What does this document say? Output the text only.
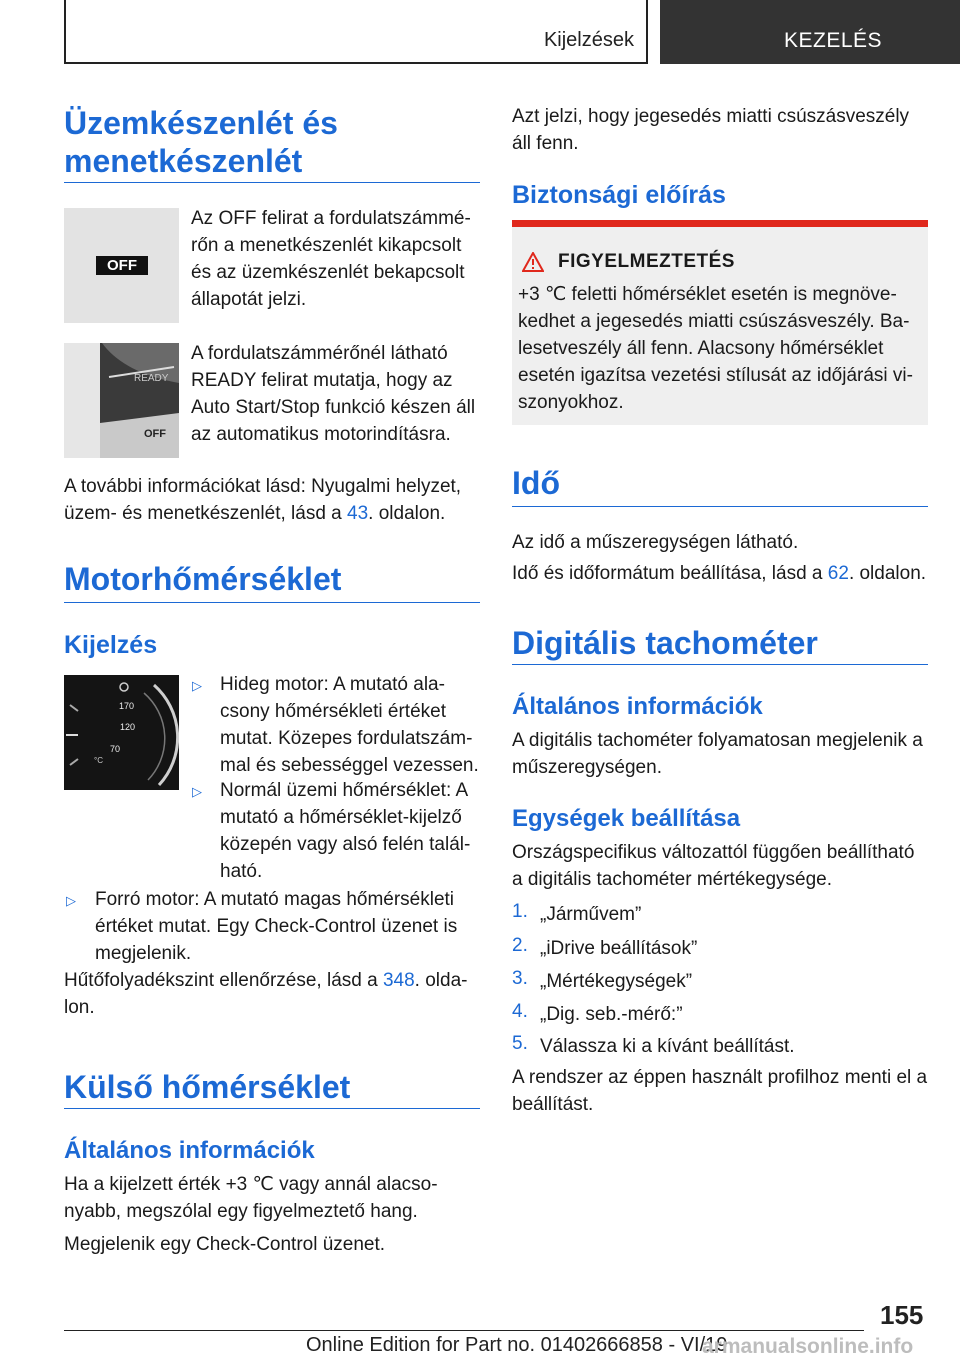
Kijelzések	KEZELÉS
Üzemkészenlét és
menetkészenlét
OFF

Az OFF felirat a fordulatszámmé-

rőn a menetkészenlét kikapcsolt

és az üzemkészenlét bekapcsolt

állapotát jelzi.

READY
OFF

A fordulatszámmérőnél látható

READY felirat mutatja, hogy az

Auto Start/Stop funkció készen áll

az automatikus motorindításra.

A további információkat lásd: Nyugalmi helyzet,

üzem- és menetkészenlét, lásd a 43. oldalon.

Motorhőmérséklet
Kijelzés
170
120
70
°C
▷ Hideg motor: A mutató ala-

csony hőmérsékleti értéket

mutat. Közepes fordulatszám-

mal és sebességgel vezessen.

▷ Normál üzemi hőmérséklet: A

mutató a hőmérséklet-kijelző

közepén vagy alsó felén talál-

ható.

▷ Forró motor: A mutató magas hőmérsékleti

értéket mutat. Egy Check-Control üzenet is

megjelenik.

Hűtőfolyadékszint ellenőrzése, lásd a 348. olda-

lon.

Külső hőmérséklet
Általános információk

Ha a kijelzett érték +3 ℃ vagy annál alacso-

nyabb, megszólal egy figyelmeztető hang.

Megjelenik egy Check-Control üzenet.

Azt jelzi, hogy jegesedés miatti csúszásveszély

áll fenn.

Biztonsági előírás
FIGYELMEZTETÉS

+3 ℃ feletti hőmérséklet esetén is megnöve-

kedhet a jegesedés miatti csúszásveszély. Ba-

lesetveszély áll fenn. Alacsony hőmérséklet

esetén igazítsa vezetési stílusát az időjárási vi-

szonyokhoz.

Idő

Az idő a műszeregységen látható.

Idő és időformátum beállítása, lásd a 62. oldalon.

Digitális tachométer
Általános információk

A digitális tachométer folyamatosan megjelenik a

műszeregységen.

Egységek beállítása

Országspecifikus változattól függően beállítható

a digitális tachométer mértékegysége.

1. „Járművem”
2. „iDrive beállítások”
3. „Mértékegységek”
4. „Dig. seb.-mérő:”
5. Válassza ki a kívánt beállítást.

A rendszer az éppen használt profilhoz menti el a

beállítást.

155
Online Edition for Part no. 01402666858 - VI/19
armanualsonline.info
